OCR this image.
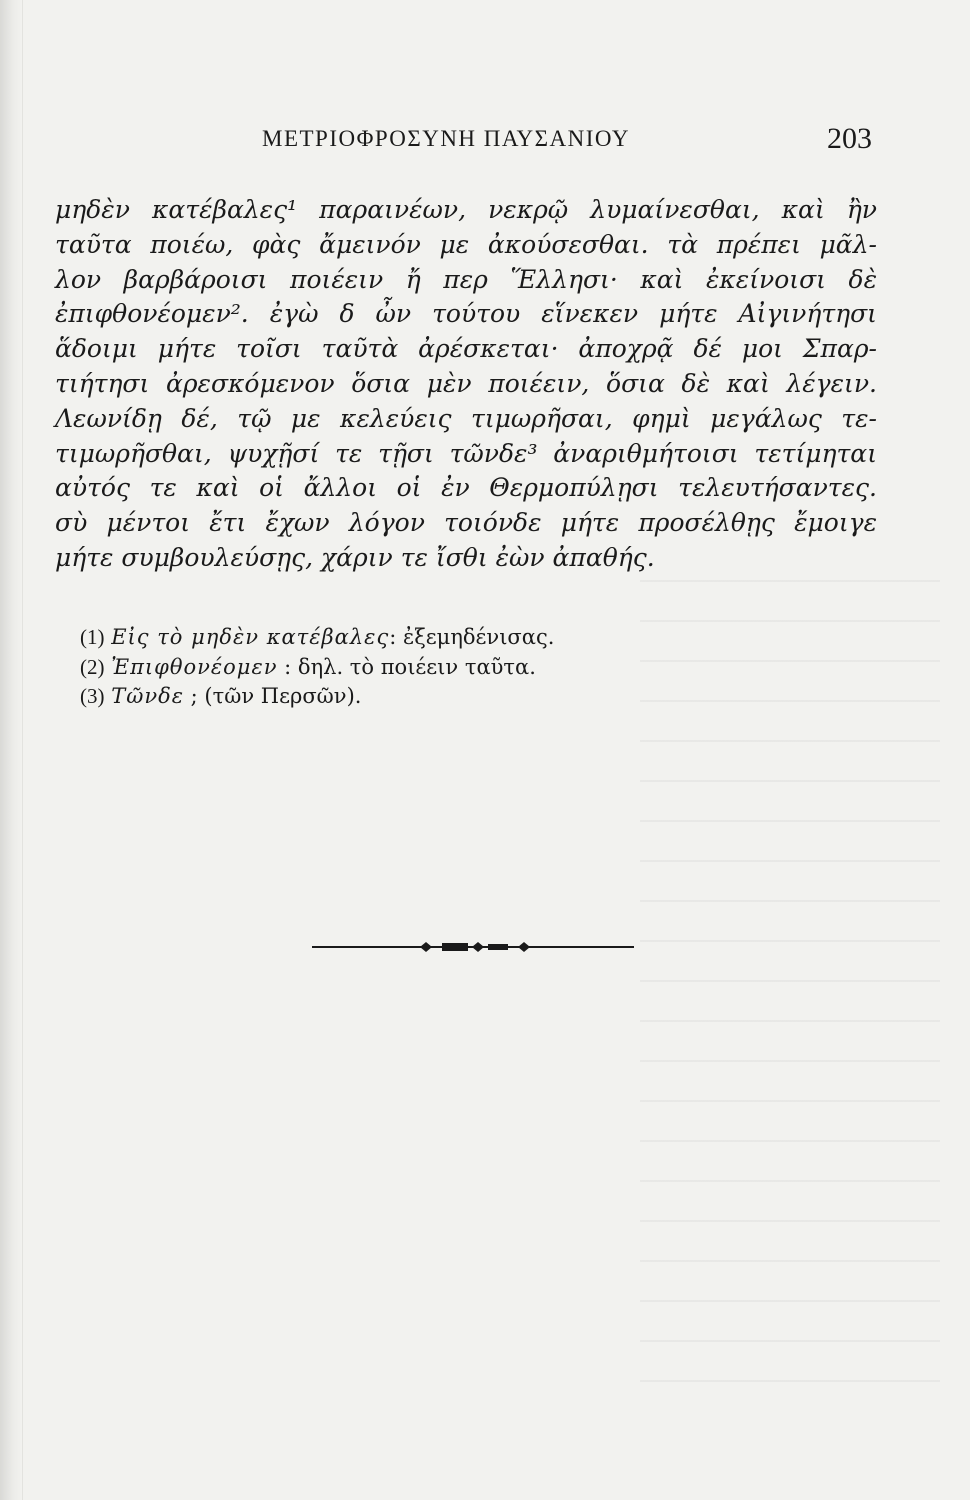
ΜΕΤΡΙΟΦΡΟΣΥΝΗ ΠΑΥΣΑΝΙΟΥ	203
μηδὲν κατέβαλες¹ παραινέων, νεκρῷ λυμαίνεσθαι, καὶ ἢν
ταῦτα ποιέω, φὰς ἄμεινόν με ἀκούσεσθαι. τὰ πρέπει μᾶλ-
λον βαρβάροισι ποιέειν ἤ περ Ἕλλησι· καὶ ἐκείνοισι δὲ
ἐπιφθονέομεν². ἐγὼ δ ὦν τούτου εἵνεκεν μήτε Αἰγινήτησι
ἅδοιμι μήτε τοῖσι ταῦτὰ ἀρέσκεται· ἀποχρᾷ δέ μοι Σπαρ-
τιήτησι ἀρεσκόμενον ὅσια μὲν ποιέειν, ὅσια δὲ καὶ λέγειν.
Λεωνίδῃ δέ, τῷ με κελεύεις τιμωρῆσαι, φημὶ μεγάλως τε-
τιμωρῆσθαι, ψυχῇσί τε τῇσι τῶνδε³ ἀναριθμήτοισι τετίμηται
αὐτός τε καὶ οἱ ἄλλοι οἱ ἐν Θερμοπύλῃσι τελευτήσαντες.
σὺ μέντοι ἔτι ἔχων λόγον τοιόνδε μήτε προσέλθῃς ἔμοιγε
μήτε συμβουλεύσῃς, χάριν τε ἴσθι ἐὼν ἀπαθής.
(1) Εἰς τὸ μηδὲν κατέβαλες: ἐξεμηδένισας.
(2) Ἐπιφθονέομεν : δηλ. τὸ ποιέειν ταῦτα.
(3) Τῶνδε ; (τῶν Περσῶν).
